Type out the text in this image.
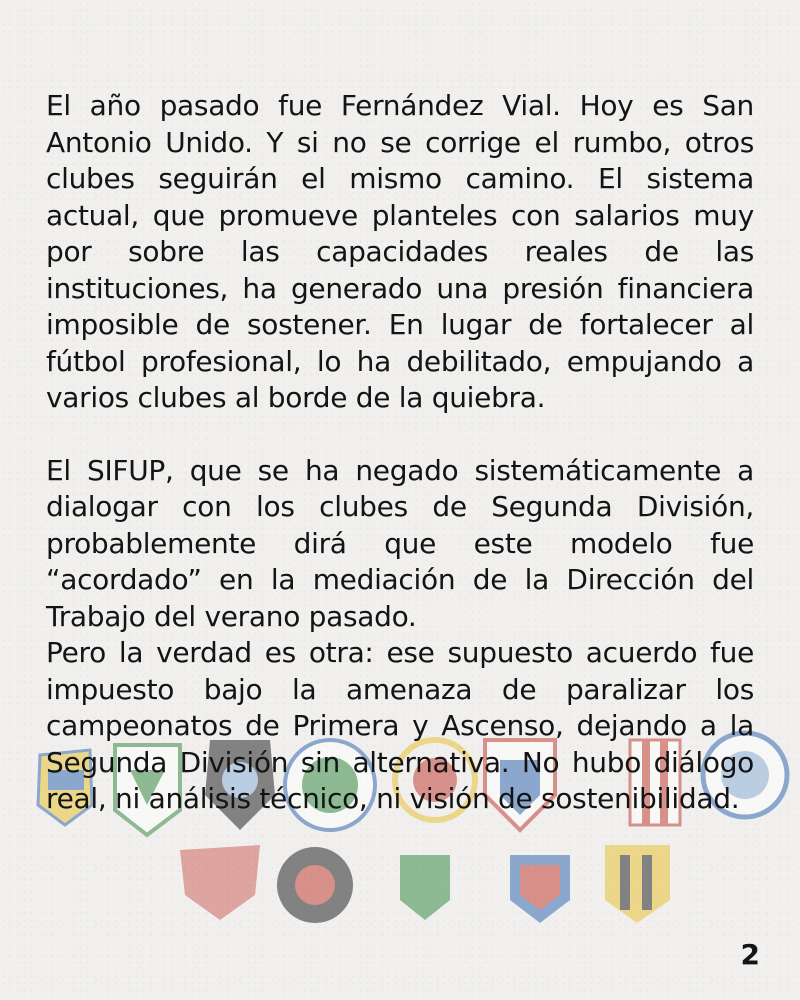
El año pasado fue Fernández Vial. Hoy es San Antonio Unido. Y si no se corrige el rumbo, otros clubes seguirán el mismo camino. El sistema actual, que promueve planteles con salarios muy por sobre las capacidades reales de las instituciones, ha generado una presión financiera imposible de sostener. En lugar de fortalecer al fútbol profesional, lo ha debilitado, empujando a varios clubes al borde de la quiebra.

El SIFUP, que se ha negado sistemáticamente a dialogar con los clubes de Segunda División, probablemente dirá que este modelo fue “acordado” en la mediación de la Dirección del Trabajo del verano pasado.

Pero la verdad es otra: ese supuesto acuerdo fue impuesto bajo la amenaza de paralizar los campeonatos de Primera y Ascenso, dejando a la Segunda División sin alternativa. No hubo diálogo real, ni análisis técnico, ni visión de sostenibilidad.

2
